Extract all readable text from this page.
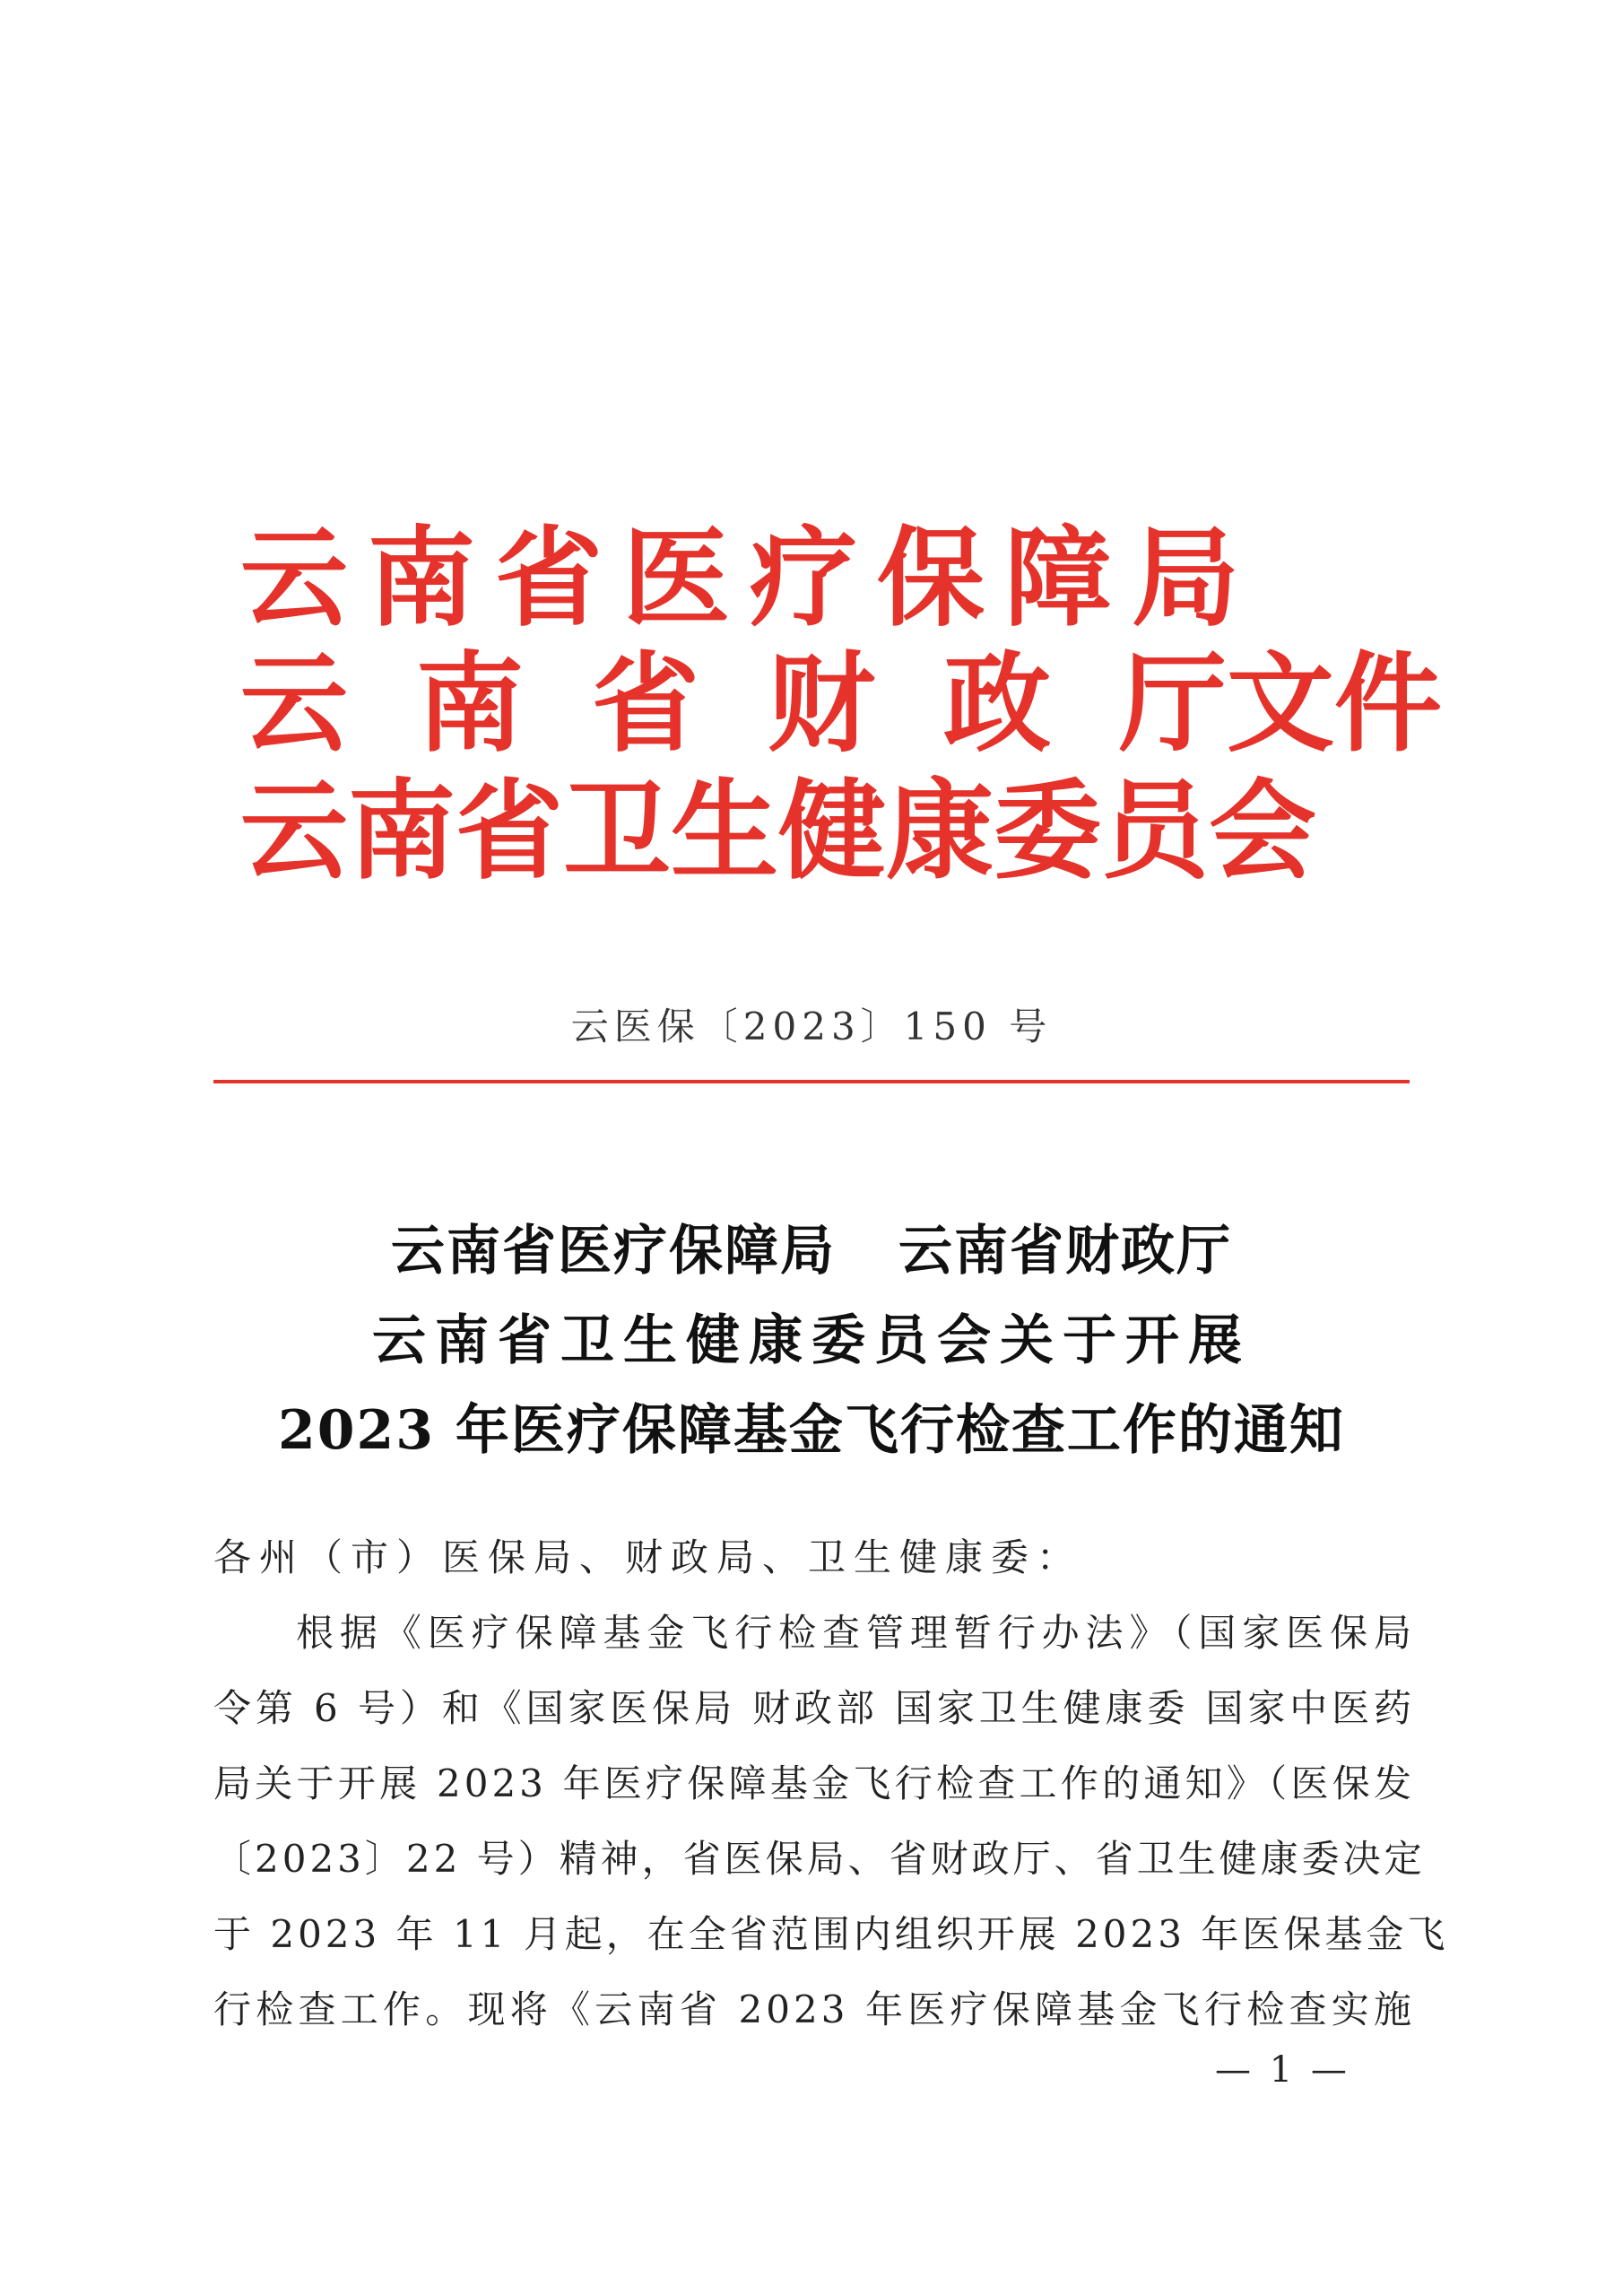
云南省医疗保障局
云 南 省 财 政 厅文件
云南省卫生健康委员会
云医保〔2023〕150 号
云南省医疗保障局 云南省财政厅
云南省卫生健康委员会关于开展
2023 年医疗保障基金飞行检查工作的通知
各州（市）医保局、财政局、卫生健康委：
根据《医疗保障基金飞行检查管理暂行办法》（国家医保局
令第 6 号）和《国家医保局 财政部 国家卫生健康委 国家中医药
局关于开展 2023 年医疗保障基金飞行检查工作的通知》（医保发
〔2023〕22 号）精神，省医保局、省财政厅、省卫生健康委决定
于 2023 年 11 月起，在全省范围内组织开展 2023 年医保基金飞
行检查工作。现将《云南省 2023 年医疗保障基金飞行检查实施
— 1 —
